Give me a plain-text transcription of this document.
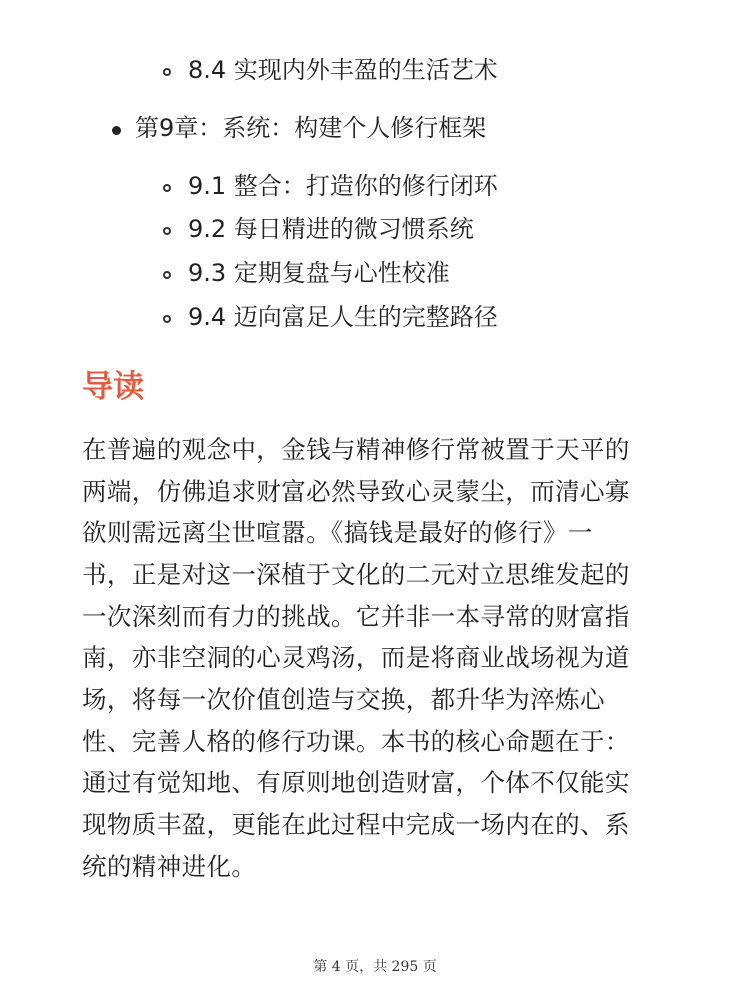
8.4 实现内外丰盈的生活艺术
第9章：系统：构建个人修行框架
9.1 整合：打造你的修行闭环
9.2 每日精进的微习惯系统
9.3 定期复盘与心性校准
9.4 迈向富足人生的完整路径
导读
在普遍的观念中，金钱与精神修行常被置于天平的
两端，仿佛追求财富必然导致心灵蒙尘，而清心寡
欲则需远离尘世喧嚣。《搞钱是最好的修行》一
书，正是对这一深植于文化的二元对立思维发起的
一次深刻而有力的挑战。它并非一本寻常的财富指
南，亦非空洞的心灵鸡汤，而是将商业战场视为道
场，将每一次价值创造与交换，都升华为淬炼心
性、完善人格的修行功课。本书的核心命题在于：
通过有觉知地、有原则地创造财富，个体不仅能实
现物质丰盈，更能在此过程中完成一场内在的、系
统的精神进化。
第 4 页，共 295 页
